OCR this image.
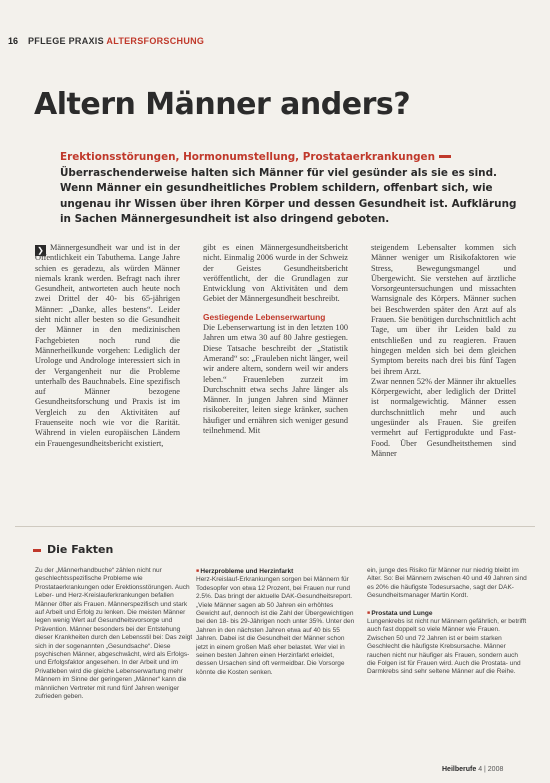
16 PFLEGE PRAXIS ALTERSFORSCHUNG
Altern Männer anders?
Erektionsstörungen, Hormonumstellung, ProstataerkrankungenÜberraschenderweise halten sich Männer für viel gesünder als sie es sind. Wenn Männer ein gesundheitliches Problem schildern, offenbart sich, wie ungenau ihr Wissen über ihren Körper und dessen Gesundheit ist. Aufklärung in Sachen Männergesundheit ist also dringend geboten.
❯ Männergesundheit war und ist in der Öffentlichkeit ein Tabuthema. Lange Jahre schien es geradezu, als würden Männer niemals krank werden. Befragt nach ihrer Gesundheit, antworteten auch heute noch zwei Drittel der 40- bis 65-jährigen Männer: „Danke, alles bestens“. Leider sieht nicht aller besten so die Gesundheit der Männer in den medizinischen Fachgebieten noch rund die Männerheilkunde vorgehen: Lediglich der Urologe und Androloge interessiert sich in der Vergangenheit nur die Probleme unterhalb des Bauchnabels. Eine spezifisch auf Männer bezogene Gesundheitsforschung und Praxis ist im Vergleich zu den Aktivitäten auf Frauenseite noch wie vor die Rarität. Während in vielen europäischen Ländern ein Frauengesundheitsbericht existiert,

gibt es einen Männergesundheitsbericht nicht. Einmalig 2006 wurde in der Schweiz der Geistes Gesundheitsbericht veröffentlicht, der die Grundlagen zur Entwicklung von Aktivitäten und dem Gebiet der Männergesundheit beschreibt.

Gestiegende Lebenserwartung

Die Lebenserwartung ist in den letzten 100 Jahren um etwa 30 auf 80 Jahre gestiegen. Diese Tatsache beschreibt der „Statistik Amerand“ so: „Frauleben nicht länger, weil wir andere altern, sondern weil wir anders leben.“ Frauenleben zurzeit im Durchschnitt etwa sechs Jahre länger als Männer. In jungen Jahren sind Männer risikobereiter, leiten siege kränker, suchen häufiger und ernähren sich weniger gesund teilnehmend. Mit

steigendem Lebensalter kommen sich Männer weniger um Risikofaktoren wie Stress, Bewegungsmangel und Übergewicht. Sie verstehen auf ärztliche Vorsorgeuntersuchungen und missachten Warnsignale des Körpers. Männer suchen bei Beschwerden später den Arzt auf als Frauen. Sie benötigen durchschnittlich acht Tage, um über ihr Leiden bald zu entschließen und zu reagieren. Frauen hingegen melden sich bei dem gleichen Symptom bereits nach drei bis fünf Tagen bei ihrem Arzt.
Zwar nennen 52% der Männer ihr aktuelles Körpergewicht, aber lediglich der Drittel ist normalgewichtig. Männer essen durchschnittlich mehr und auch ungesünder als Frauen. Sie greifen vermehrt auf Fertigprodukte und Fast-Food. Über Gesundheitsthemen sind Männer

Die Fakten

Zu der „Männerhandbuche“ zählen nicht nur geschlechtsspezifische Probleme wie Prostataerkrankungen oder Erektionsstörungen. Auch Leber- und Herz-Kreislauferkrankungen befallen Männer öfter als Frauen. Männerspezifisch und stark auf Arbeit und Erfolg zu lenken. Die meisten Männer legen wenig Wert auf Gesundheitsvorsorge und Prävention. Männer besonders bei der Entstehung dieser Krankheiten durch den Lebensstil bei: Das zeigt sich in der sogenannten „Gesundsache“. Diese psychischen Männer, abgeschwächt, wird als Erfolgs- und Erfolgsfaktor angesehen. In der Arbeit und im Privatleben wird die gleiche Lebenserwartung mehr Männern im Sinne der geringeren „Männer“ kann die männlichen Vertreter mit rund fünf Jahren weniger zufrieden geben.

■ Herzprobleme und Herzinfarkt

Herz-Kreislauf-Erkrankungen sorgen bei Männern für Todesopfer von etwa 12 Prozent, bei Frauen nur rund 2.5%. Das bringt der aktuelle DAK-Gesundheitsreport. „Viele Männer sagen ab 50 Jahren ein erhöhtes Gewicht auf, dennoch ist die Zahl der Übergewichtigen bei den 18- bis 29-Jährigen noch unter 35%. Unter den Jahren in den nächsten Jahren etwa auf 40 bis 55 Jahren. Dabei ist die Gesundheit der Männer schon jetzt in einem großen Maß eher belastet. Wer viel in seinen besten Jahren einen Herzinfarkt erleidet, dessen Ursachen sind oft vermeidbar. Die Vorsorge könnte die Kosten senken.

ein, junge des Risiko für Männer nur niedrig bleibt im Alter. So: Bei Männern zwischen 40 und 49 Jahren sind es 20% die häufigste Todesursache, sagt der DAK-Gesundheitsmanager Martin Kordt.

■ Prostata und Lunge

Lungenkrebs ist nicht nur Männern gefährlich, er betrifft auch fast doppelt so viele Männer wie Frauen. Zwischen 50 und 72 Jahren ist er beim starken Geschlecht die häufigste Krebsursache. Männer rauchen nicht nur häufiger als Frauen, sondern auch die Folgen ist für Frauen wird. Auch die Prostata- und Darmkrebs sind sehr seltene Männer auf die Reihe.

Heilberufe 4 | 2008
